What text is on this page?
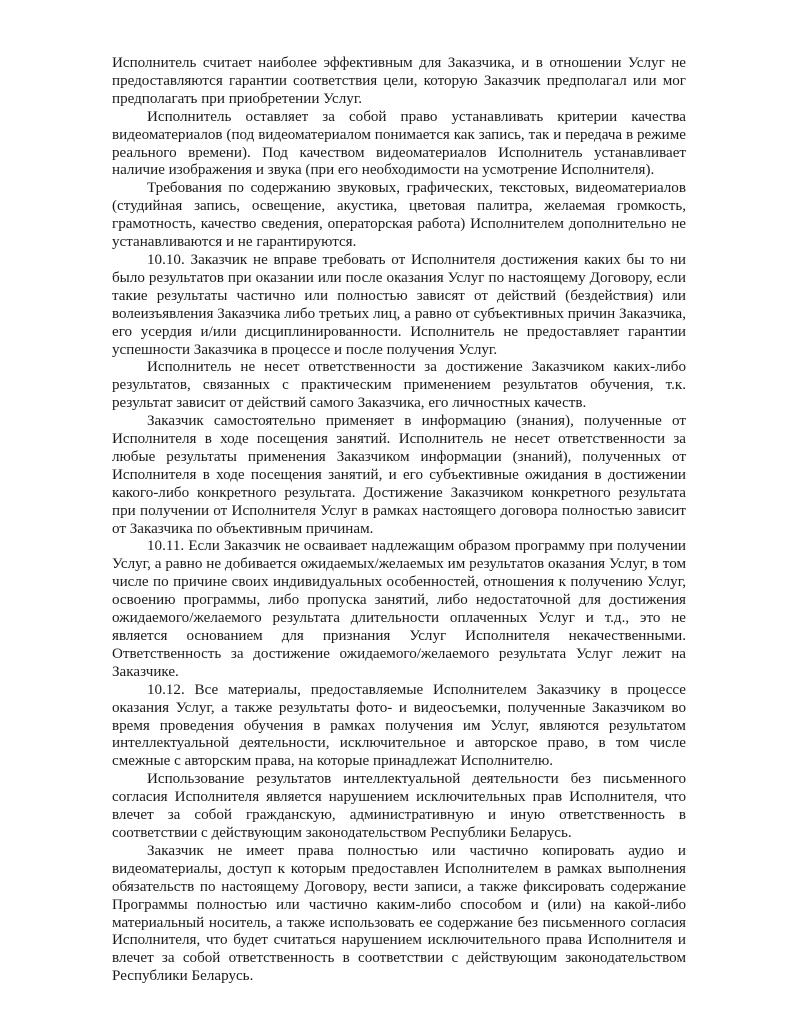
Исполнитель считает наиболее эффективным для Заказчика, и в отношении Услуг не предоставляются гарантии соответствия цели, которую Заказчик предполагал или мог предполагать при приобретении Услуг.

Исполнитель оставляет за собой право устанавливать критерии качества видеоматериалов (под видеоматериалом понимается как запись, так и передача в режиме реального времени). Под качеством видеоматериалов Исполнитель устанавливает наличие изображения и звука (при его необходимости на усмотрение Исполнителя).

Требования по содержанию звуковых, графических, текстовых, видеоматериалов (студийная запись, освещение, акустика, цветовая палитра, желаемая громкость, грамотность, качество сведения, операторская работа) Исполнителем дополнительно не устанавливаются и не гарантируются.

10.10. Заказчик не вправе требовать от Исполнителя достижения каких бы то ни было результатов при оказании или после оказания Услуг по настоящему Договору, если такие результаты частично или полностью зависят от действий (бездействия) или волеизъявления Заказчика либо третьих лиц, а равно от субъективных причин Заказчика, его усердия и/или дисциплинированности. Исполнитель не предоставляет гарантии успешности Заказчика в процессе и после получения Услуг.

Исполнитель не несет ответственности за достижение Заказчиком каких-либо результатов, связанных с практическим применением результатов обучения, т.к. результат зависит от действий самого Заказчика, его личностных качеств.

Заказчик самостоятельно применяет в информацию (знания), полученные от Исполнителя в ходе посещения занятий. Исполнитель не несет ответственности за любые результаты применения Заказчиком информации (знаний), полученных от Исполнителя в ходе посещения занятий, и его субъективные ожидания в достижении какого-либо конкретного результата. Достижение Заказчиком конкретного результата при получении от Исполнителя Услуг в рамках настоящего договора полностью зависит от Заказчика по объективным причинам.

10.11. Если Заказчик не осваивает надлежащим образом программу при получении Услуг, а равно не добивается ожидаемых/желаемых им результатов оказания Услуг, в том числе по причине своих индивидуальных особенностей, отношения к получению Услуг, освоению программы, либо пропуска занятий, либо недостаточной для достижения ожидаемого/желаемого результата длительности оплаченных Услуг и т.д., это не является основанием для признания Услуг Исполнителя некачественными. Ответственность за достижение ожидаемого/желаемого результата Услуг лежит на Заказчике.

10.12. Все материалы, предоставляемые Исполнителем Заказчику в процессе оказания Услуг, а также результаты фото- и видеосъемки, полученные Заказчиком во время проведения обучения в рамках получения им Услуг, являются результатом интеллектуальной деятельности, исключительное и авторское право, в том числе смежные с авторским права, на которые принадлежат Исполнителю.

Использование результатов интеллектуальной деятельности без письменного согласия Исполнителя является нарушением исключительных прав Исполнителя, что влечет за собой гражданскую, административную и иную ответственность в соответствии с действующим законодательством Республики Беларусь.

Заказчик не имеет права полностью или частично копировать аудио и видеоматериалы, доступ к которым предоставлен Исполнителем в рамках выполнения обязательств по настоящему Договору, вести записи, а также фиксировать содержание Программы полностью или частично каким-либо способом и (или) на какой-либо материальный носитель, а также использовать ее содержание без письменного согласия Исполнителя, что будет считаться нарушением исключительного права Исполнителя и влечет за собой ответственность в соответствии с действующим законодательством Республики Беларусь.
